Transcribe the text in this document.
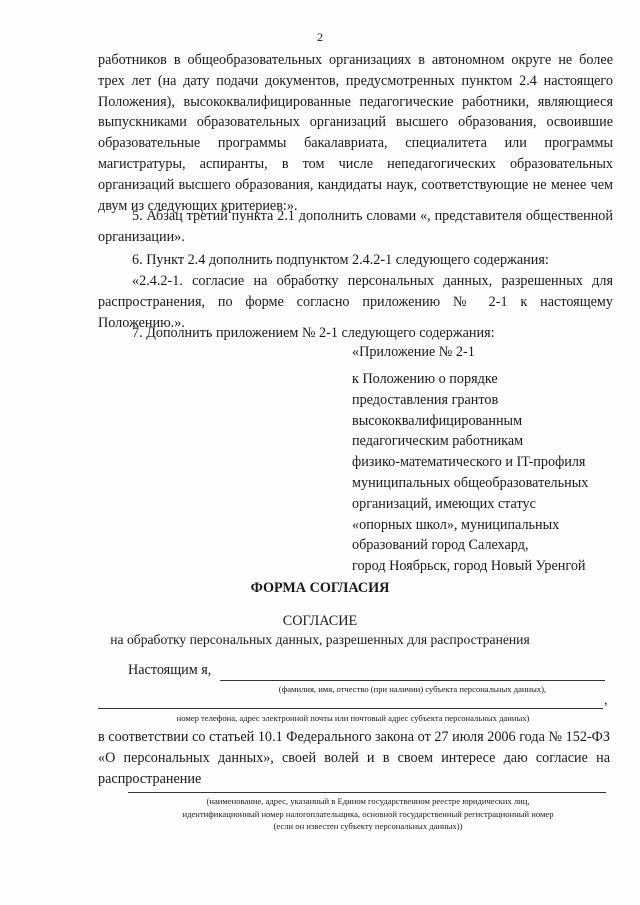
2

работников в общеобразовательных организациях в автономном округе не более трех лет (на дату подачи документов, предусмотренных пунктом 2.4 настоящего Положения), высококвалифицированные педагогические работники, являющиеся выпускниками образовательных организаций высшего образования, освоившие образовательные программы бакалавриата, специалитета или программы магистратуры, аспиранты, в том числе непедагогических образовательных организаций высшего образования, кандидаты наук, соответствующие не менее чем двум из следующих критериев:».

5. Абзац третий пункта 2.1 дополнить словами «, представителя общественной организации».

6. Пункт 2.4 дополнить подпунктом 2.4.2-1 следующего содержания:

«2.4.2-1. согласие на обработку персональных данных, разрешенных для распространения, по форме согласно приложению № 2-1 к настоящему Положению.».

7. Дополнить приложением № 2-1 следующего содержания:

«Приложение № 2-1

к Положению о порядке
предоставления грантов
высококвалифицированным
педагогическим работникам
физико-математического и IT-профиля
муниципальных общеобразовательных
организаций, имеющих статус
«опорных школ», муниципальных
образований город Салехард,
город Ноябрьск, город Новый Уренгой

ФОРМА СОГЛАСИЯ

СОГЛАСИЕ

на обработку персональных данных, разрешенных для распространения

Настоящим я,

(фамилия, имя, отчество (при наличии) субъекта персональных данных),

,

номер телефона, адрес электронной почты или почтовый адрес субъекта персональных данных)

в соответствии со статьей 10.1 Федерального закона от 27 июля 2006 года № 152-ФЗ «О персональных данных», своей волей и в своем интересе даю согласие на распространение

(наименование, адрес, указанный в Едином государственном реестре юридических лиц,

идентификационный номер налогоплательщика, основной государственный регистрационный номер

(если он известен субъекту персональных данных))
